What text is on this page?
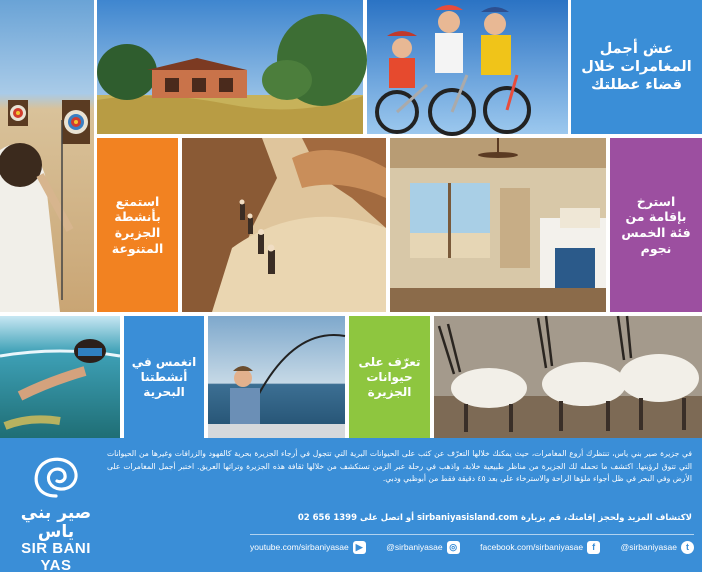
عش أجمل
المغامرات خلال
قضاء عطلتك
استمتع
بأنشطة
الجزيرة
المتنوعة
استرخ
بإقامة من
فئة الخمس
نجوم
انغمس في
أنشطتنا
البحرية
تعرّف على
حيوانات
الجزيرة
صير بني ياس
SIR BANI YAS
Desert Islands, جزر الصحراء

في جزيرة صير بني ياس، تنتظرك أروع المغامرات، حيث يمكنك خلالها التعرّف عن كثب على الحيوانات البرية التي تتجول في أرجاء الجزيرة بحرية كالفهود والزرافات وغيرها من الحيوانات التي تتوق لرؤيتها. اكتشف ما تحمله لك الجزيرة من مناظر طبيعية خلابة، واذهب في رحلة عبر الزمن تستكشف من خلالها ثقافة هذه الجزيرة وتراثها العريق. اختبر أجمل المغامرات على الأرض وفي البحر في ظل أجواء ملؤها الراحة والاسترخاء على بعد ٤٥ دقيقة فقط من أبوظبي ودبي.

لاكتشاف المزيد ولحجز إقامتك، قم بزيارة sirbaniyasisland.com أو اتصل على 1399 656 02
youtube.com/sirbaniyasae ▶	@sirbaniyasae ◎	facebook.com/sirbaniyasae	f	@sirbaniyasae	t
